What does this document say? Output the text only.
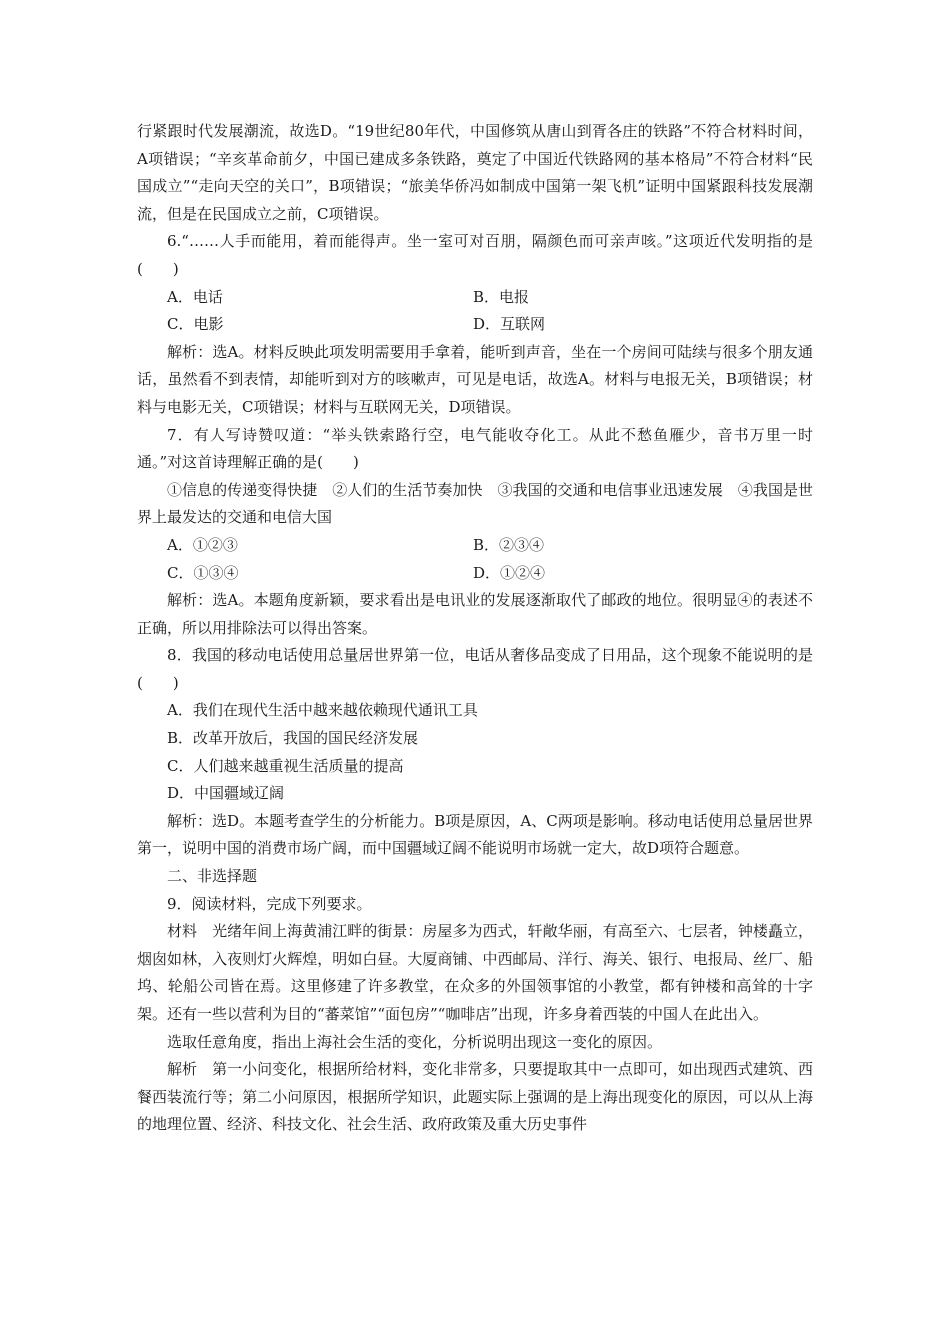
行紧跟时代发展潮流，故选D。“19世纪80年代，中国修筑从唐山到胥各庄的铁路”不符合材料时间，A项错误；“辛亥革命前夕，中国已建成多条铁路，奠定了中国近代铁路网的基本格局”不符合材料“民国成立”“走向天空的关口”，B项错误；“旅美华侨冯如制成中国第一架飞机”证明中国紧跟科技发展潮流，但是在民国成立之前，C项错误。

6.“……人手而能用，着而能得声。坐一室可对百朋，隔颜色而可亲声咳。”这项近代发明指的是(　　)

A．电话	B．电报
C．电影	D．互联网

解析：选A。材料反映此项发明需要用手拿着，能听到声音，坐在一个房间可陆续与很多个朋友通话，虽然看不到表情，却能听到对方的咳嗽声，可见是电话，故选A。材料与电报无关，B项错误；材料与电影无关，C项错误；材料与互联网无关，D项错误。

7．有人写诗赞叹道：“举头铁索路行空，电气能收夺化工。从此不愁鱼雁少，音书万里一时通。”对这首诗理解正确的是(　　)

①信息的传递变得快捷　②人们的生活节奏加快　③我国的交通和电信事业迅速发展　④我国是世界上最发达的交通和电信大国

A．①②③	B．②③④
C．①③④	D．①②④

解析：选A。本题角度新颖，要求看出是电讯业的发展逐渐取代了邮政的地位。很明显④的表述不正确，所以用排除法可以得出答案。

8．我国的移动电话使用总量居世界第一位，电话从奢侈品变成了日用品，这个现象不能说明的是(　　)

A．我们在现代生活中越来越依赖现代通讯工具
B．改革开放后，我国的国民经济发展
C．人们越来越重视生活质量的提高
D．中国疆域辽阔

解析：选D。本题考查学生的分析能力。B项是原因，A、C两项是影响。移动电话使用总量居世界第一，说明中国的消费市场广阔，而中国疆域辽阔不能说明市场就一定大，故D项符合题意。

二、非选择题

9．阅读材料，完成下列要求。

材料　光绪年间上海黄浦江畔的街景：房屋多为西式，轩敞华丽，有高至六、七层者，钟楼矗立，烟囱如林，入夜则灯火辉煌，明如白昼。大厦商铺、中西邮局、洋行、海关、银行、电报局、丝厂、船坞、轮船公司皆在焉。这里修建了许多教堂，在众多的外国领事馆的小教堂，都有钟楼和高耸的十字架。还有一些以营利为目的“蕃菜馆”“面包房”“咖啡店”出现，许多身着西装的中国人在此出入。

选取任意角度，指出上海社会生活的变化，分析说明出现这一变化的原因。

解析　第一小问变化，根据所给材料，变化非常多，只要提取其中一点即可，如出现西式建筑、西餐西装流行等；第二小问原因，根据所学知识，此题实际上强调的是上海出现变化的原因，可以从上海的地理位置、经济、科技文化、社会生活、政府政策及重大历史事件
